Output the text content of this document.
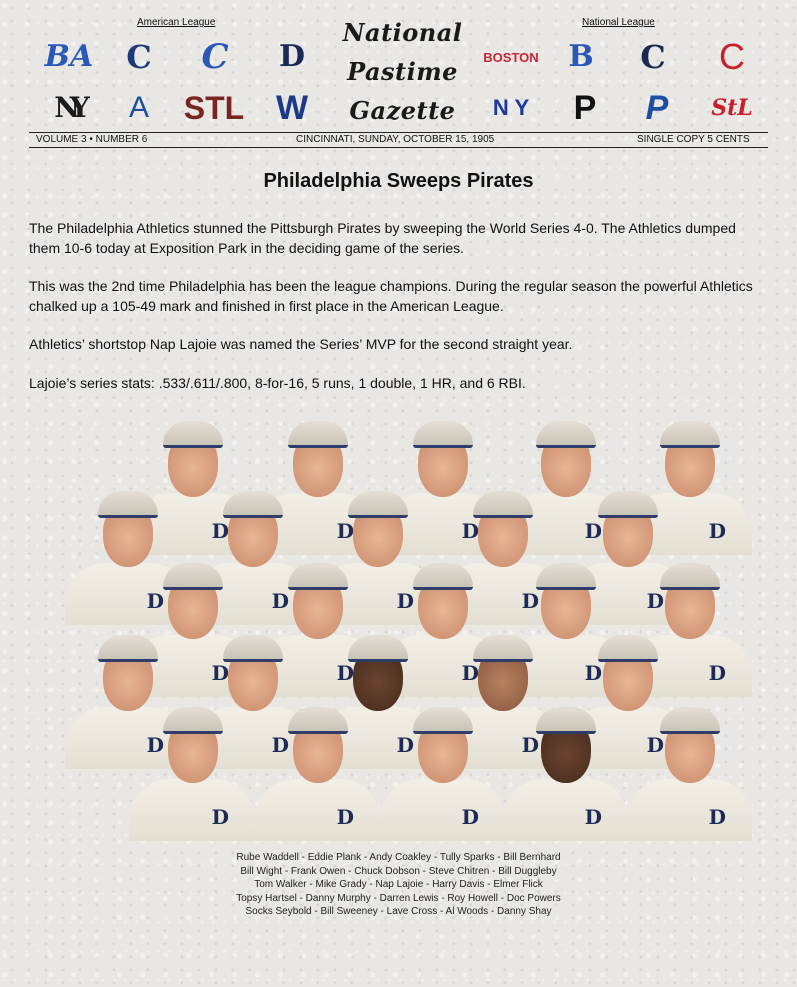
American League	National League
BA C C D
NY A STL W
National
Pastime
Gazette
BOSTON B C C
N Y P P StL
VOLUME 3 • NUMBER 6	CINCINNATI, SUNDAY, OCTOBER 15, 1905	SINGLE COPY 5 CENTS
Philadelphia Sweeps Pirates
The Philadelphia Athletics stunned the Pittsburgh Pirates by sweeping the World Series 4-0. The Athletics dumped them 10-6 today at Exposition Park in the deciding game of the series.
This was the 2nd time Philadelphia has been the league champions. During the regular season the powerful Athletics chalked up a 105-49 mark and finished in first place in the American League.
Athletics’ shortstop Nap Lajoie was named the Series’ MVP for the second straight year.
Lajoie’s series stats: .533/.611/.800, 8-for-16, 5 runs, 1 double, 1 HR, and 6 RBI.
D
D
D
D
D
D
D
D
D
D
D
D
D
D
D
D
D
D
D
D
D
D
D
D
D
Rube Waddell - Eddie Plank - Andy Coakley - Tully Sparks - Bill Bernhard
Bill Wight - Frank Owen - Chuck Dobson - Steve Chitren - Bill Duggleby
Tom Walker - Mike Grady - Nap Lajoie - Harry Davis - Elmer Flick
Topsy Hartsel - Danny Murphy - Darren Lewis - Roy Howell - Doc Powers
Socks Seybold - Bill Sweeney - Lave Cross - Al Woods - Danny Shay
